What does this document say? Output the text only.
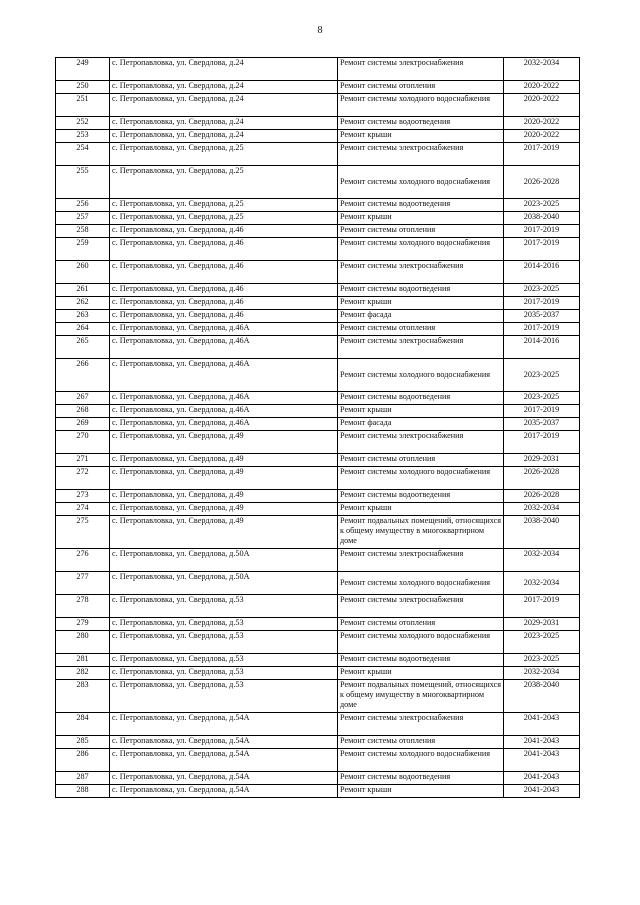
8
249	с. Петропавловка, ул. Свердлова, д.24	Ремонт системы электроснабжения	2032-2034
250	с. Петропавловка, ул. Свердлова, д.24	Ремонт системы отопления	2020-2022
251	с. Петропавловка, ул. Свердлова, д.24	Ремонт системы холодного водоснабжения	2020-2022
252	с. Петропавловка, ул. Свердлова, д.24	Ремонт системы водоотведения	2020-2022
253	с. Петропавловка, ул. Свердлова, д.24	Ремонт крыши	2020-2022
254	с. Петропавловка, ул. Свердлова, д.25	Ремонт системы электроснабжения	2017-2019
255	с. Петропавловка, ул. Свердлова, д.25	Ремонт системы холодного водоснабжения	2026-2028
256	с. Петропавловка, ул. Свердлова, д.25	Ремонт системы водоотведения	2023-2025
257	с. Петропавловка, ул. Свердлова, д.25	Ремонт крыши	2038-2040
258	с. Петропавловка, ул. Свердлова, д.46	Ремонт системы отопления	2017-2019
259	с. Петропавловка, ул. Свердлова, д.46	Ремонт системы холодного водоснабжения	2017-2019
260	с. Петропавловка, ул. Свердлова, д.46	Ремонт системы электроснабжения	2014-2016
261	с. Петропавловка, ул. Свердлова, д.46	Ремонт системы водоотведения	2023-2025
262	с. Петропавловка, ул. Свердлова, д.46	Ремонт крыши	2017-2019
263	с. Петропавловка, ул. Свердлова, д.46	Ремонт фасада	2035-2037
264	с. Петропавловка, ул. Свердлова, д.46А	Ремонт системы отопления	2017-2019
265	с. Петропавловка, ул. Свердлова, д.46А	Ремонт системы электроснабжения	2014-2016
266	с. Петропавловка, ул. Свердлова, д.46А	Ремонт системы холодного водоснабжения	2023-2025
267	с. Петропавловка, ул. Свердлова, д.46А	Ремонт системы водоотведения	2023-2025
268	с. Петропавловка, ул. Свердлова, д.46А	Ремонт крыши	2017-2019
269	с. Петропавловка, ул. Свердлова, д.46А	Ремонт фасада	2035-2037
270	с. Петропавловка, ул. Свердлова, д.49	Ремонт системы электроснабжения	2017-2019
271	с. Петропавловка, ул. Свердлова, д.49	Ремонт системы отопления	2029-2031
272	с. Петропавловка, ул. Свердлова, д.49	Ремонт системы холодного водоснабжения	2026-2028
273	с. Петропавловка, ул. Свердлова, д.49	Ремонт системы водоотведения	2026-2028
274	с. Петропавловка, ул. Свердлова, д.49	Ремонт крыши	2032-2034
275	с. Петропавловка, ул. Свердлова, д.49	Ремонт подвальных помещений, относящихся к общему имуществу в многоквартирном доме	2038-2040
276	с. Петропавловка, ул. Свердлова, д.50А	Ремонт системы электроснабжения	2032-2034
277	с. Петропавловка, ул. Свердлова, д.50А	Ремонт системы холодного водоснабжения	2032-2034
278	с. Петропавловка, ул. Свердлова, д.53	Ремонт системы электроснабжения	2017-2019
279	с. Петропавловка, ул. Свердлова, д.53	Ремонт системы отопления	2029-2031
280	с. Петропавловка, ул. Свердлова, д.53	Ремонт системы холодного водоснабжения	2023-2025
281	с. Петропавловка, ул. Свердлова, д.53	Ремонт системы водоотведения	2023-2025
282	с. Петропавловка, ул. Свердлова, д.53	Ремонт крыши	2032-2034
283	с. Петропавловка, ул. Свердлова, д.53	Ремонт подвальных помещений, относящихся к общему имуществу в многоквартирном доме	2038-2040
284	с. Петропавловка, ул. Свердлова, д.54А	Ремонт системы электроснабжения	2041-2043
285	с. Петропавловка, ул. Свердлова, д.54А	Ремонт системы отопления	2041-2043
286	с. Петропавловка, ул. Свердлова, д.54А	Ремонт системы холодного водоснабжения	2041-2043
287	с. Петропавловка, ул. Свердлова, д.54А	Ремонт системы водоотведения	2041-2043
288	с. Петропавловка, ул. Свердлова, д.54А	Ремонт крыши	2041-2043
